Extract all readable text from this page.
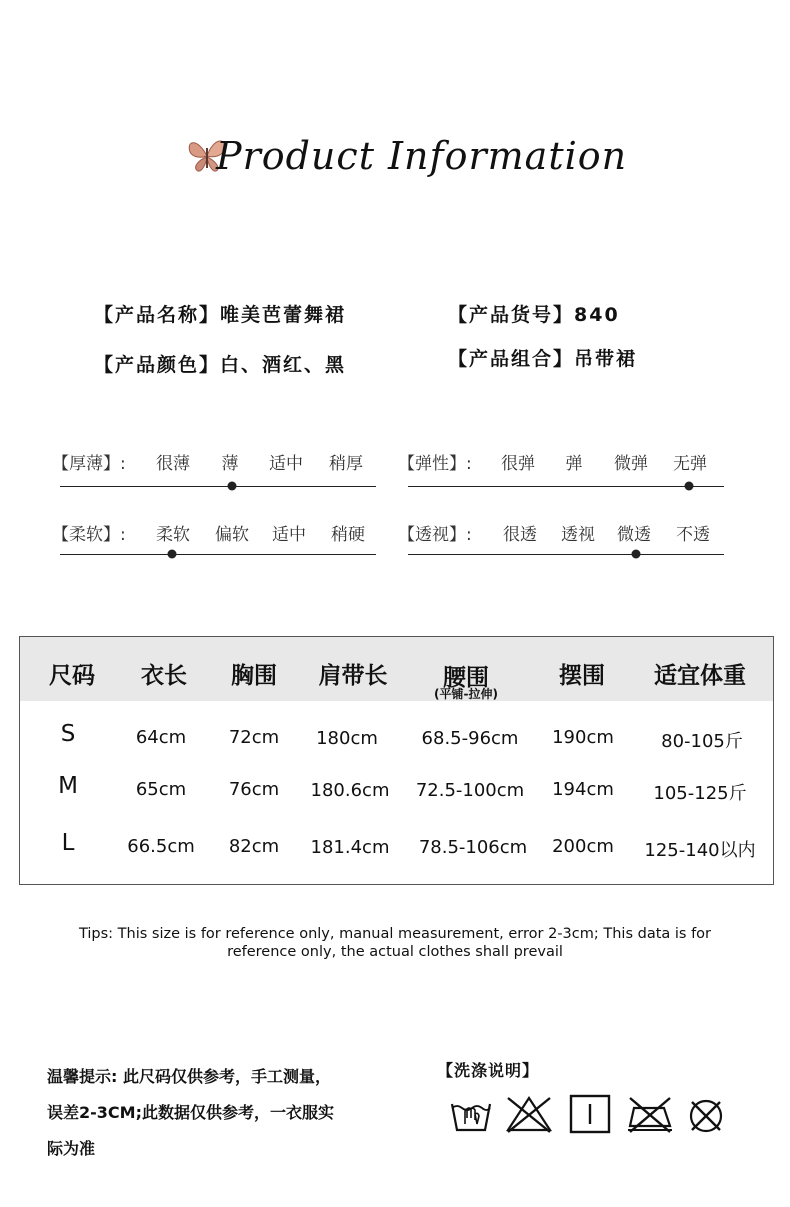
Product Information
【产品名称】唯美芭蕾舞裙	【产品货号】840
【产品颜色】白、酒红、黑	【产品组合】吊带裙
【厚薄】: 很薄 薄 适中 稍厚 【弹性】: 很弹 弹 微弹 无弹
【柔软】: 柔软 偏软 适中 稍硬 【透视】: 很透 透视 微透 不透
尺码 衣长 胸围 肩带长 腰围
(平铺-拉伸)
摆围 适宜体重
S	64cm 72cm 180cm 68.5-96cm 190cm	80-105斤
M	65cm 76cm 180.6cm 72.5-100cm 194cm 105-125斤
L	66.5cm 82cm 181.4cm 78.5-106cm 200cm 125-140以内
Tips: This size is for reference only, manual measurement, error 2-3cm; This data is for reference only, the actual clothes shall prevail
温馨提示: 此尺码仅供参考，手工测量，
误差2-3CM;此数据仅供参考，一衣服实
际为准
【洗涤说明】
